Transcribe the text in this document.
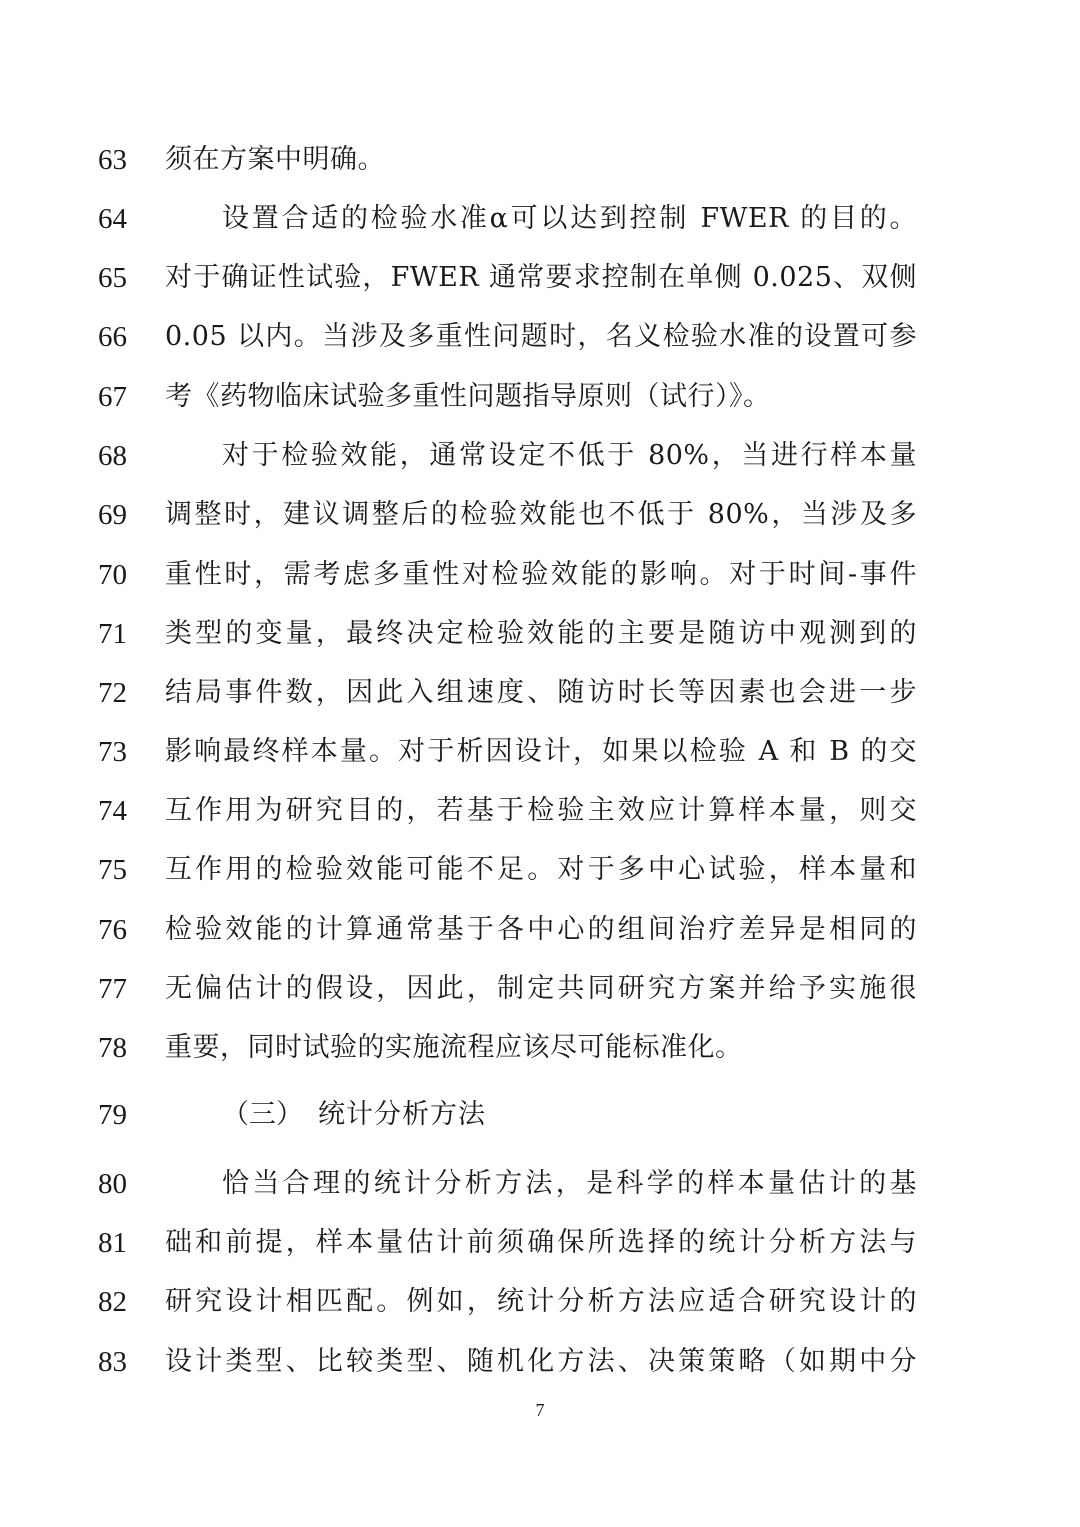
63	须在方案中明确。
64	设置合适的检验水准α可以达到控制 FWER 的目的。
65	对于确证性试验，FWER 通常要求控制在单侧 0.025、双侧
66	0.05 以内。当涉及多重性问题时，名义检验水准的设置可参
67	考《药物临床试验多重性问题指导原则（试行）》。
68	对于检验效能，通常设定不低于 80%，当进行样本量
69	调整时，建议调整后的检验效能也不低于 80%，当涉及多
70	重性时，需考虑多重性对检验效能的影响。对于时间-事件
71	类型的变量，最终决定检验效能的主要是随访中观测到的
72	结局事件数，因此入组速度、随访时长等因素也会进一步
73	影响最终样本量。对于析因设计，如果以检验 A 和 B 的交
74	互作用为研究目的，若基于检验主效应计算样本量，则交
75	互作用的检验效能可能不足。对于多中心试验，样本量和
76	检验效能的计算通常基于各中心的组间治疗差异是相同的
77	无偏估计的假设，因此，制定共同研究方案并给予实施很
78	重要，同时试验的实施流程应该尽可能标准化。
79	（三） 统计分析方法
80	恰当合理的统计分析方法，是科学的样本量估计的基
81	础和前提，样本量估计前须确保所选择的统计分析方法与
82	研究设计相匹配。例如，统计分析方法应适合研究设计的
83	设计类型、比较类型、随机化方法、决策策略（如期中分
7
